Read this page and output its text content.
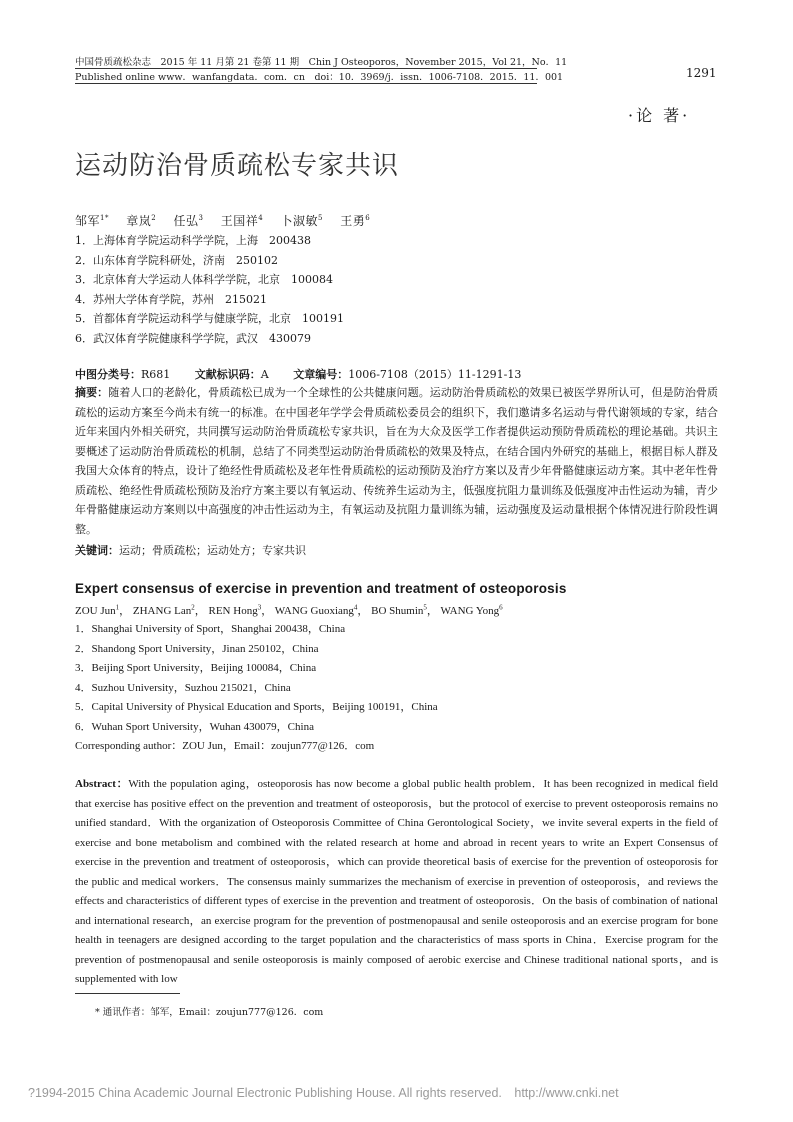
中国骨质疏松杂志　2015 年 11 月第 21 卷第 11 期　Chin J Osteoporos，November 2015，Vol 21，No．11
Published online www．wanfangdata．com．cn　doi：10．3969/j．issn．1006-7108．2015．11．001	1291
·论 著·
运动防治骨质疏松专家共识
邹军$^{1*}$ 章岚$^2$ 任弘$^3$ 王国祥$^4$ 卜淑敏$^5$ 王勇$^6$
1．上海体育学院运动科学学院，上海　200438
2．山东体育学院科研处，济南　250102
3．北京体育大学运动人体科学学院，北京　100084
4．苏州大学体育学院，苏州　215021
5．首都体育学院运动科学与健康学院，北京　100191
6．武汉体育学院健康科学学院，武汉　430079
中图分类号：R681 文献标识码：A 文章编号：1006-7108（2015）11-1291-13
摘要：随着人口的老龄化，骨质疏松已成为一个全球性的公共健康问题。运动防治骨质疏松的效果已被医学界所认可，但是防治骨质疏松的运动方案至今尚未有统一的标准。在中国老年学学会骨质疏松委员会的组织下，我们邀请多名运动与骨代谢领域的专家，结合近年来国内外相关研究，共同撰写运动防治骨质疏松专家共识，旨在为大众及医学工作者提供运动预防骨质疏松的理论基础。共识主要概述了运动防治骨质疏松的机制，总结了不同类型运动防治骨质疏松的效果及特点，在结合国内外研究的基础上，根据目标人群及我国大众体育的特点，设计了绝经性骨质疏松及老年性骨质疏松的运动预防及治疗方案以及青少年骨骼健康运动方案。其中老年性骨质疏松、绝经性骨质疏松预防及治疗方案主要以有氧运动、传统养生运动为主，低强度抗阻力量训练及低强度冲击性运动为辅，青少年骨骼健康运动方案则以中高强度的冲击性运动为主，有氧运动及抗阻力量训练为辅，运动强度及运动量根据个体情况进行阶段性调整。
关键词：运动；骨质疏松；运动处方；专家共识
Expert consensus of exercise in prevention and treatment of osteoporosis
ZOU Jun$^1$， ZHANG Lan$^2$， REN Hong$^3$， WANG Guoxiang$^4$， BO Shumin$^5$， WANG Yong$^6$
1．Shanghai University of Sport，Shanghai 200438，China
2．Shandong Sport University，Jinan 250102，China
3．Beijing Sport University，Beijing 100084，China
4．Suzhou University，Suzhou 215021，China
5．Capital University of Physical Education and Sports，Beijing 100191，China
6．Wuhan Sport University，Wuhan 430079，China
Corresponding author：ZOU Jun，Email：zoujun777@126．com
Abstract：With the population aging，osteoporosis has now become a global public health problem．It has been recognized in medical field that exercise has positive effect on the prevention and treatment of osteoporosis，but the protocol of exercise to prevent osteoporosis remains no unified standard．With the organization of Osteoporosis Committee of China Gerontological Society，we invite several experts in the field of exercise and bone metabolism and combined with the related research at home and abroad in recent years to write an Expert Consensus of exercise in the prevention and treatment of osteoporosis，which can provide theoretical basis of exercise for the prevention of osteoporosis for the public and medical workers．The consensus mainly summarizes the mechanism of exercise in prevention of osteoporosis，and reviews the effects and characteristics of different types of exercise in the prevention and treatment of osteoporosis．On the basis of combination of national and international research，an exercise program for the prevention of postmenopausal and senile osteoporosis and an exercise program for bone health in teenagers are designed according to the target population and the characteristics of mass sports in China．Exercise program for the prevention of postmenopausal and senile osteoporosis is mainly composed of aerobic exercise and Chinese traditional national sports，and is supplemented with low
* 通讯作者：邹军，Email：zoujun777@126．com
?1994-2015 China Academic Journal Electronic Publishing House. All rights reserved.　http://www.cnki.net
